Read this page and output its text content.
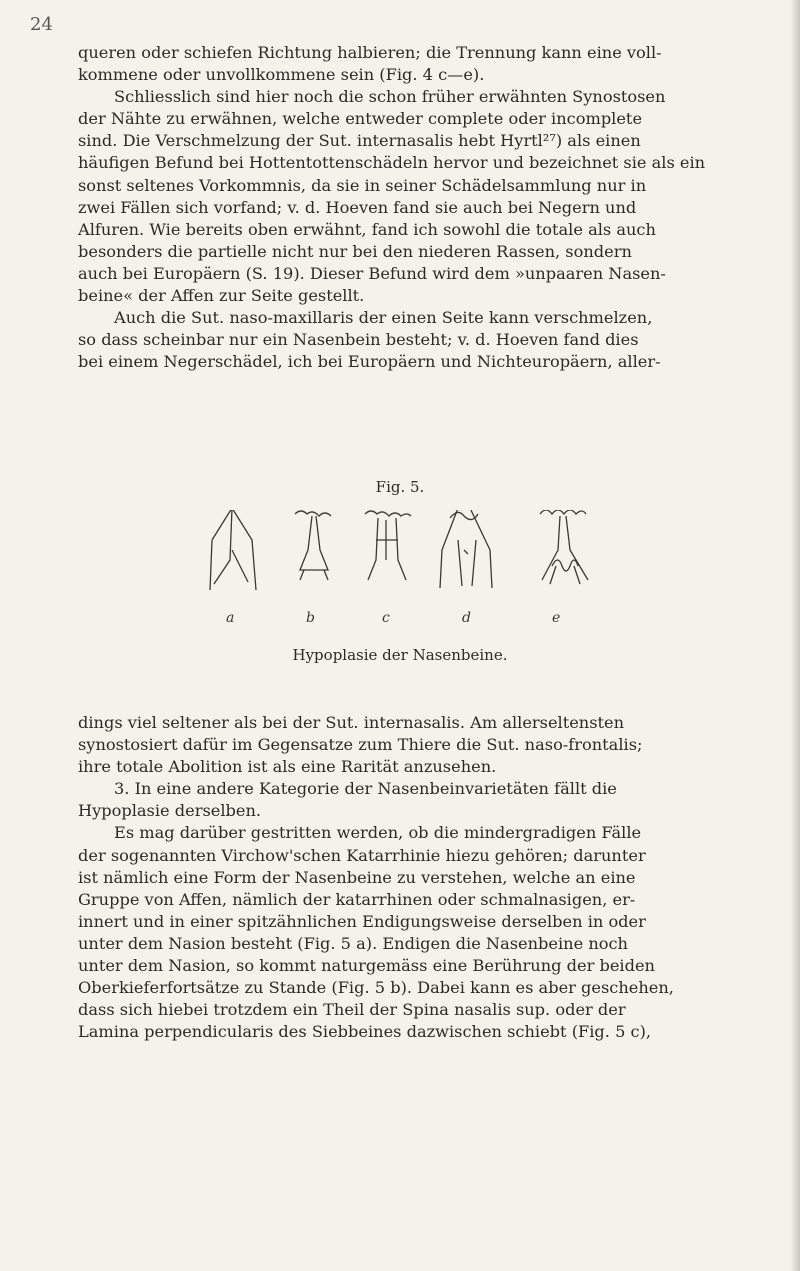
24

queren oder schiefen Richtung halbieren; die Trennung kann eine voll-

kommene oder unvollkommene sein (Fig. 4 c—e).

Schliesslich sind hier noch die schon früher erwähnten Synostosen

der Nähte zu erwähnen, welche entweder complete oder incomplete

sind. Die Verschmelzung der Sut. internasalis hebt Hyrtl²⁷) als einen

häufigen Befund bei Hottentottenschädeln hervor und bezeichnet sie als ein

sonst seltenes Vorkommnis, da sie in seiner Schädelsammlung nur in

zwei Fällen sich vorfand; v. d. Hoeven fand sie auch bei Negern und

Alfuren. Wie bereits oben erwähnt, fand ich sowohl die totale als auch

besonders die partielle nicht nur bei den niederen Rassen, sondern

auch bei Europäern (S. 19). Dieser Befund wird dem »unpaaren Nasen-

beine« der Affen zur Seite gestellt.

Auch die Sut. naso-maxillaris der einen Seite kann verschmelzen,

so dass scheinbar nur ein Nasenbein besteht; v. d. Hoeven fand dies

bei einem Negerschädel, ich bei Europäern und Nichteuropäern, aller-

Fig. 5.
a	b	c	d	e
Hypoplasie der Nasenbeine.

dings viel seltener als bei der Sut. internasalis. Am allerseltensten

synostosiert dafür im Gegensatze zum Thiere die Sut. naso-frontalis;

ihre totale Abolition ist als eine Rarität anzusehen.

3. In eine andere Kategorie der Nasenbeinvarietäten fällt die

Hypoplasie derselben.

Es mag darüber gestritten werden, ob die mindergradigen Fälle

der sogenannten Virchow'schen Katarrhinie hiezu gehören; darunter

ist nämlich eine Form der Nasenbeine zu verstehen, welche an eine

Gruppe von Affen, nämlich der katarrhinen oder schmalnasigen, er-

innert und in einer spitzähnlichen Endigungsweise derselben in oder

unter dem Nasion besteht (Fig. 5 a). Endigen die Nasenbeine noch

unter dem Nasion, so kommt naturgemäss eine Berührung der beiden

Oberkieferfortsätze zu Stande (Fig. 5 b). Dabei kann es aber geschehen,

dass sich hiebei trotzdem ein Theil der Spina nasalis sup. oder der

Lamina perpendicularis des Siebbeines dazwischen schiebt (Fig. 5 c),
